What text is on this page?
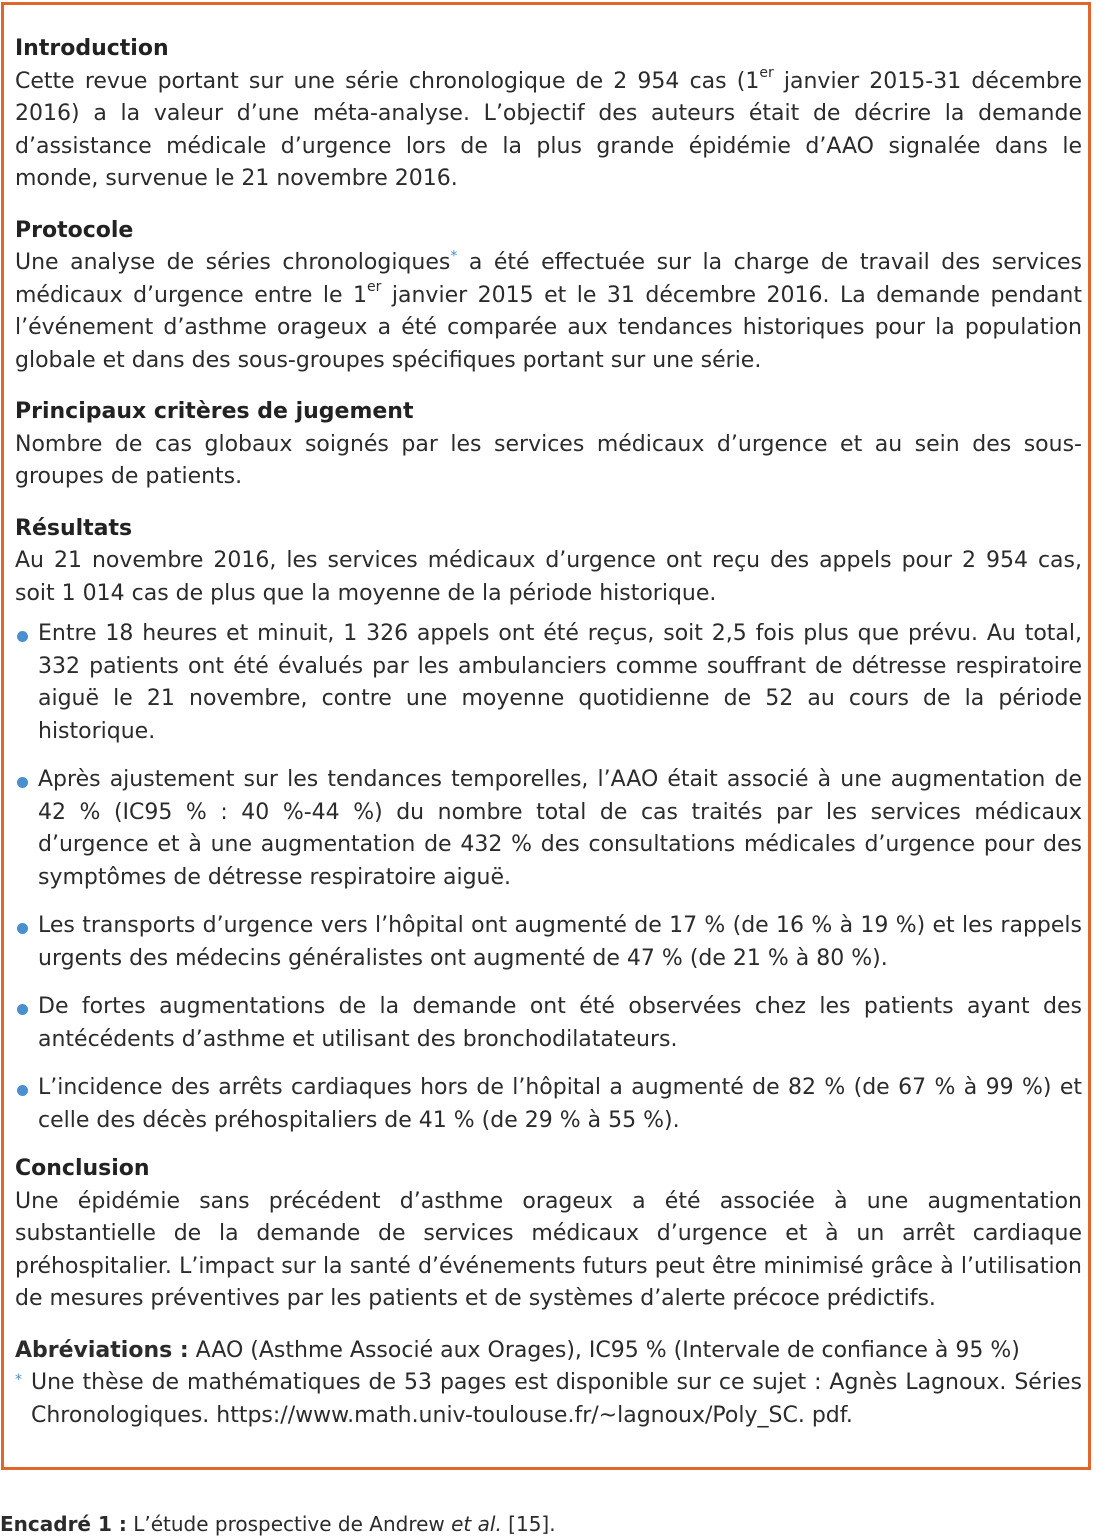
Introduction
Cette revue portant sur une série chronologique de 2 954 cas (1er janvier 2015-31 décembre 2016) a la valeur d’une méta-analyse. L’objectif des auteurs était de décrire la demande d’assistance médicale d’urgence lors de la plus grande épidémie d’AAO signalée dans le monde, survenue le 21 novembre 2016.
Protocole
Une analyse de séries chronologiques* a été effectuée sur la charge de travail des services médicaux d’urgence entre le 1er janvier 2015 et le 31 décembre 2016. La demande pendant l’événement d’asthme orageux a été comparée aux tendances historiques pour la population globale et dans des sous-groupes spécifiques portant sur une série.
Principaux critères de jugement
Nombre de cas globaux soignés par les services médicaux d’urgence et au sein des sous-groupes de patients.
Résultats
Au 21 novembre 2016, les services médicaux d’urgence ont reçu des appels pour 2 954 cas, soit 1 014 cas de plus que la moyenne de la période historique.
Entre 18 heures et minuit, 1 326 appels ont été reçus, soit 2,5 fois plus que prévu. Au total, 332 patients ont été évalués par les ambulanciers comme souffrant de détresse respiratoire aiguë le 21 novembre, contre une moyenne quotidienne de 52 au cours de la période historique.
Après ajustement sur les tendances temporelles, l’AAO était associé à une augmentation de 42 % (IC95 % : 40 %-44 %) du nombre total de cas traités par les services médicaux d’urgence et à une augmentation de 432 % des consultations médicales d’urgence pour des symptômes de détresse respiratoire aiguë.
Les transports d’urgence vers l’hôpital ont augmenté de 17 % (de 16 % à 19 %) et les rappels urgents des médecins généralistes ont augmenté de 47 % (de 21 % à 80 %).
De fortes augmentations de la demande ont été observées chez les patients ayant des antécédents d’asthme et utilisant des bronchodilatateurs.
L’incidence des arrêts cardiaques hors de l’hôpital a augmenté de 82 % (de 67 % à 99 %) et celle des décès préhospitaliers de 41 % (de 29 % à 55 %).
Conclusion
Une épidémie sans précédent d’asthme orageux a été associée à une augmentation substantielle de la demande de services médicaux d’urgence et à un arrêt cardiaque préhospitalier. L’impact sur la santé d’événements futurs peut être minimisé grâce à l’utilisation de mesures préventives par les patients et de systèmes d’alerte précoce prédictifs.
Abréviations : AAO (Asthme Associé aux Orages), IC95 % (Intervale de confiance à 95 %)
* Une thèse de mathématiques de 53 pages est disponible sur ce sujet : Agnès Lagnoux. Séries Chronologiques. https://www.math.univ-toulouse.fr/~lagnoux/Poly_SC. pdf.
Encadré 1 : L’étude prospective de Andrew et al. [15].
